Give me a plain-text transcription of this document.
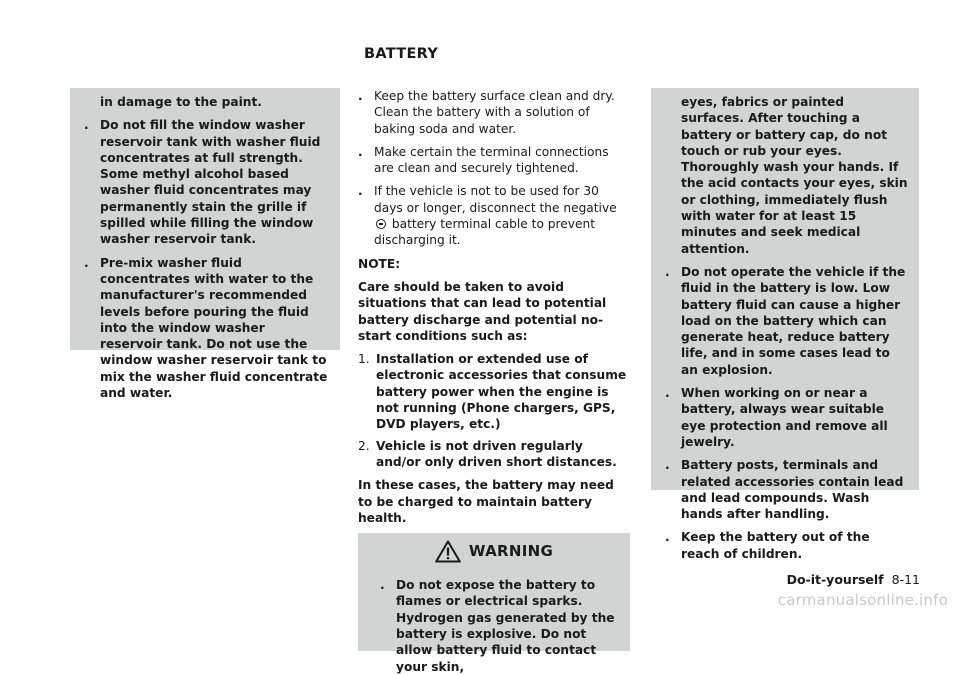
BATTERY
in damage to the paint.
. Do not fill the window washer reservoir tank with washer fluid concentrates at full strength. Some methyl alcohol based washer fluid concentrates may permanently stain the grille if spilled while filling the window washer reservoir tank.
. Pre-mix washer fluid concentrates with water to the manufacturer's recommended levels before pouring the fluid into the window washer reservoir tank. Do not use the window washer reservoir tank to mix the washer fluid concentrate and water.
. Keep the battery surface clean and dry. Clean the battery with a solution of baking soda and water.
. Make certain the terminal connections are clean and securely tightened.
. If the vehicle is not to be used for 30 days or longer, disconnect the negative  battery terminal cable to prevent discharging it.
NOTE:
Care should be taken to avoid situations that can lead to potential battery discharge and potential no-start conditions such as:
1. Installation or extended use of electronic accessories that consume battery power when the engine is not running (Phone chargers, GPS, DVD players, etc.)
2. Vehicle is not driven regularly and/or only driven short distances.
In these cases, the battery may need to be charged to maintain battery health.
WARNING
. Do not expose the battery to flames or electrical sparks. Hydrogen gas generated by the battery is explosive. Do not allow battery fluid to contact your skin,
eyes, fabrics or painted surfaces. After touching a battery or battery cap, do not touch or rub your eyes. Thoroughly wash your hands. If the acid contacts your eyes, skin or clothing, immediately flush with water for at least 15 minutes and seek medical attention.
. Do not operate the vehicle if the fluid in the battery is low. Low battery fluid can cause a higher load on the battery which can generate heat, reduce battery life, and in some cases lead to an explosion.
. When working on or near a battery, always wear suitable eye protection and remove all jewelry.
. Battery posts, terminals and related accessories contain lead and lead compounds. Wash hands after handling.
. Keep the battery out of the reach of children.
Do-it-yourself 8-11
carmanualsonline.info
